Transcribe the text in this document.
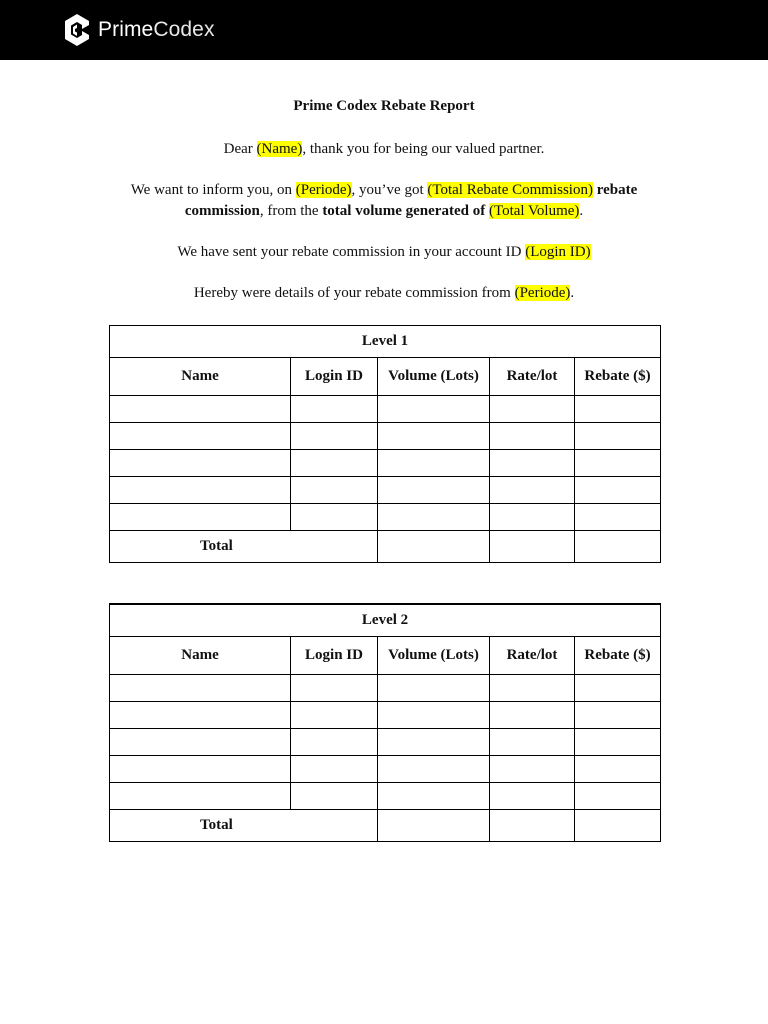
PrimeCodex
Prime Codex Rebate Report
Dear (Name), thank you for being our valued partner.
We want to inform you, on (Periode), you’ve got (Total Rebate Commission) rebate commission, from the total volume generated of (Total Volume).
We have sent your rebate commission in your account ID (Login ID)
Hereby were details of your rebate commission from (Periode).
Level 1				
Name	Login ID	Volume (Lots)	Rate/lot	Rebate ($)

Total				
Level 2				
Name	Login ID	Volume (Lots)	Rate/lot	Rebate ($)

Total				
